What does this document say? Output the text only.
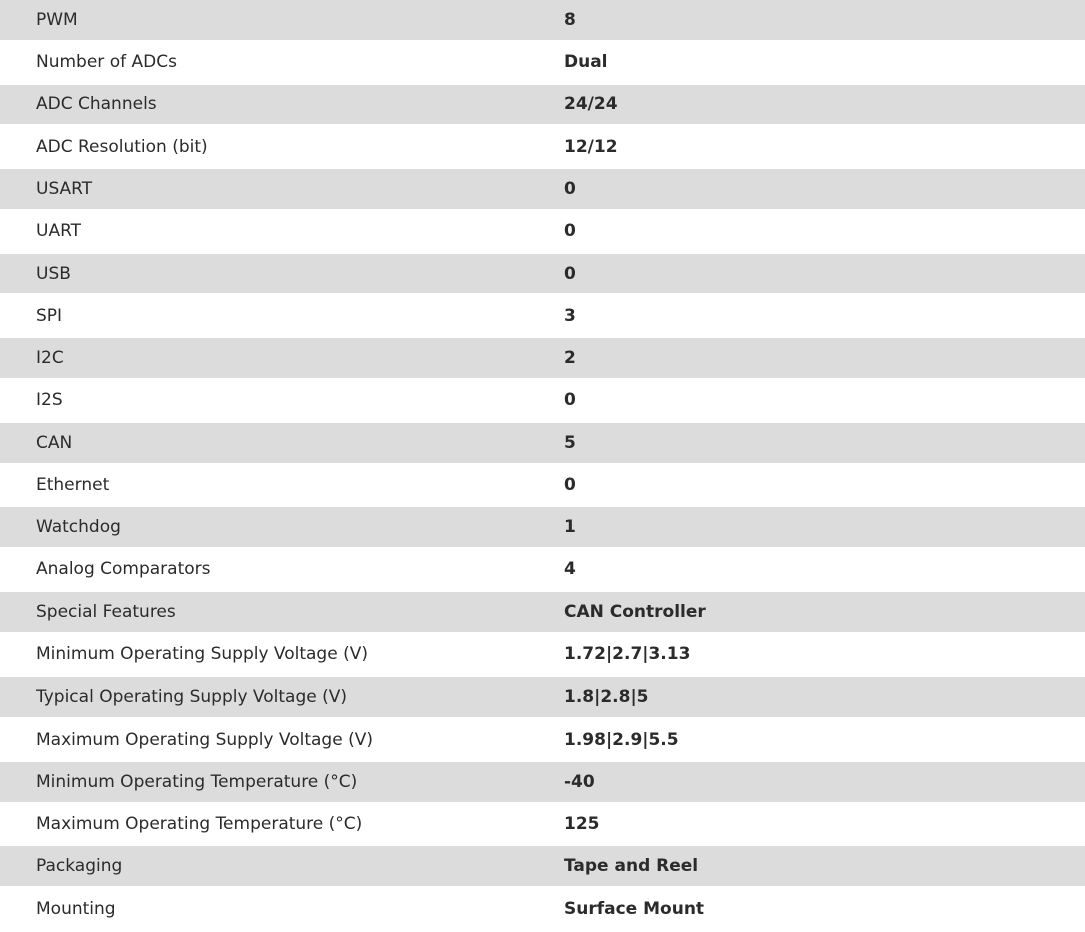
PWM	8
Number of ADCs	Dual
ADC Channels	24/24
ADC Resolution (bit)	12/12
USART	0
UART	0
USB	0
SPI	3
I2C	2
I2S	0
CAN	5
Ethernet	0
Watchdog	1
Analog Comparators	4
Special Features	CAN Controller
Minimum Operating Supply Voltage (V)	1.72|2.7|3.13
Typical Operating Supply Voltage (V)	1.8|2.8|5
Maximum Operating Supply Voltage (V)	1.98|2.9|5.5
Minimum Operating Temperature (°C)	-40
Maximum Operating Temperature (°C)	125
Packaging	Tape and Reel
Mounting	Surface Mount
